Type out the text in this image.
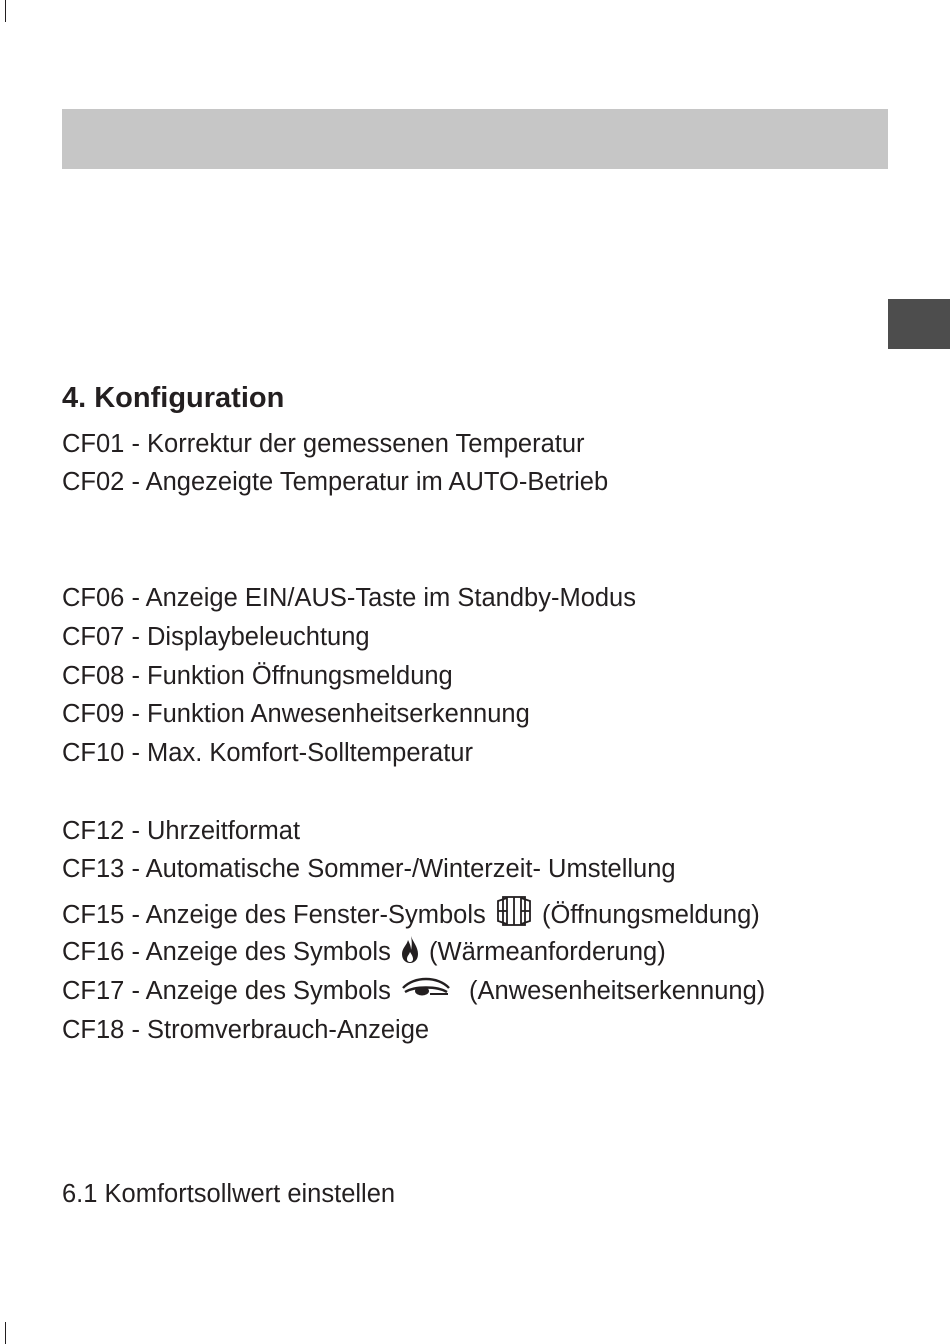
4. Konfiguration
CF01 - Korrektur der gemessenen Temperatur
CF02 - Angezeigte Temperatur im AUTO-Betrieb
CF06 - Anzeige EIN/AUS-Taste im Standby-Modus
CF07 - Displaybeleuchtung
CF08 - Funktion Öffnungsmeldung
CF09 - Funktion Anwesenheitserkennung
CF10 - Max. Komfort-Solltemperatur
CF12 - Uhrzeitformat
CF13 - Automatische Sommer-/Winterzeit- Umstellung
CF15 - Anzeige des Fenster-Symbols (Öffnungsmeldung)
CF16 - Anzeige des Symbols (Wärmeanforderung)
CF17 - Anzeige des Symbols	(Anwesenheitserkennung)
CF18 - Stromverbrauch-Anzeige
6.1 Komfortsollwert einstellen
